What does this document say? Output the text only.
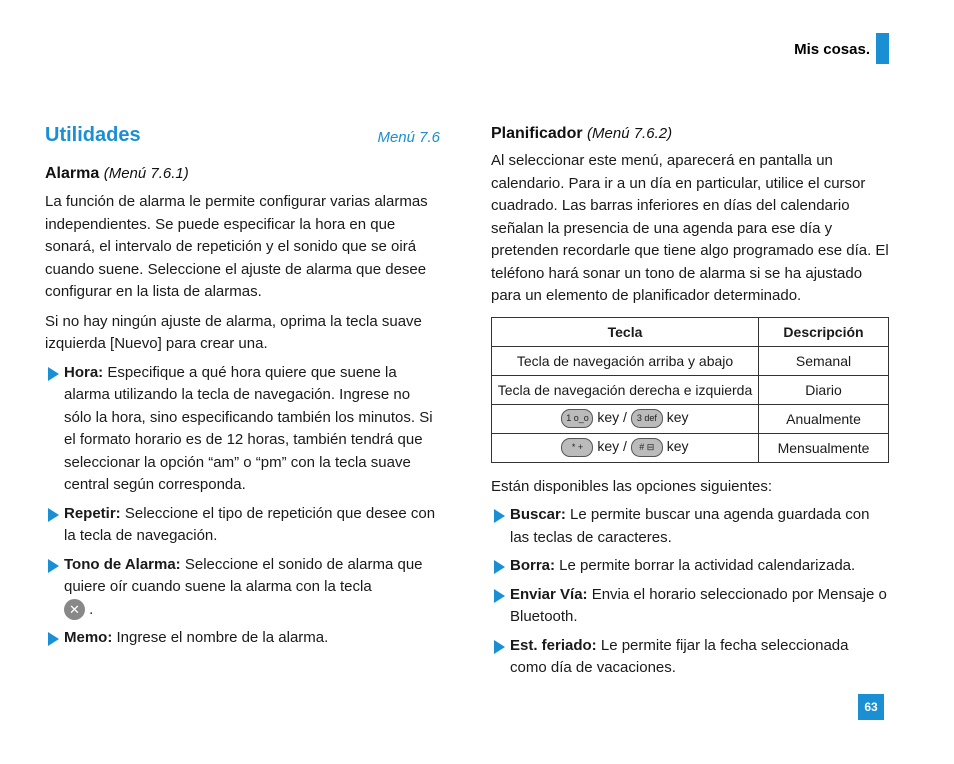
Mis cosas.
Utilidades	Menú 7.6
Alarma (Menú 7.6.1)

La función de alarma le permite configurar varias alarmas independientes. Se puede especificar la hora en que sonará, el intervalo de repetición y el sonido que se oirá cuando suene. Seleccione el ajuste de alarma que desee configurar en la lista de alarmas.

Si no hay ningún ajuste de alarma, oprima la tecla suave izquierda [Nuevo] para crear una.

Hora: Especifique a qué hora quiere que suene la alarma utilizando la tecla de navegación. Ingrese no sólo la hora, sino especificando también los minutos. Si el formato horario es de 12 horas, también tendrá que seleccionar la opción “am” o “pm” con la tecla suave central según corresponda.
Repetir: Seleccione el tipo de repetición que desee con la tecla de navegación.
Tono de Alarma: Seleccione el sonido de alarma que quiere oír cuando suene la alarma con la tecla
✕ .
Memo: Ingrese el nombre de la alarma.
Planificador (Menú 7.6.2)

Al seleccionar este menú, aparecerá en pantalla un calendario. Para ir a un día en particular, utilice el cursor cuadrado. Las barras inferiores en días del calendario señalan la presencia de una agenda para ese día y pretenden recordarle que tiene algo programado ese día. El teléfono hará sonar un tono de alarma si se ha ajustado para un elemento de planificador determinado.

Tecla	Descripción
Tecla de navegación arriba y abajo	Semanal
Tecla de navegación derecha e izquierda	Diario
1 o_o key / 3 def key	Anualmente
* + key / # ⊟ key	Mensualmente

Están disponibles las opciones siguientes:

Buscar: Le permite buscar una agenda guardada con las teclas de caracteres.
Borra: Le permite borrar la actividad calendarizada.
Enviar Vía: Envia el horario seleccionado por Mensaje o Bluetooth.
Est. feriado: Le permite fijar la fecha seleccionada como día de vacaciones.
63
